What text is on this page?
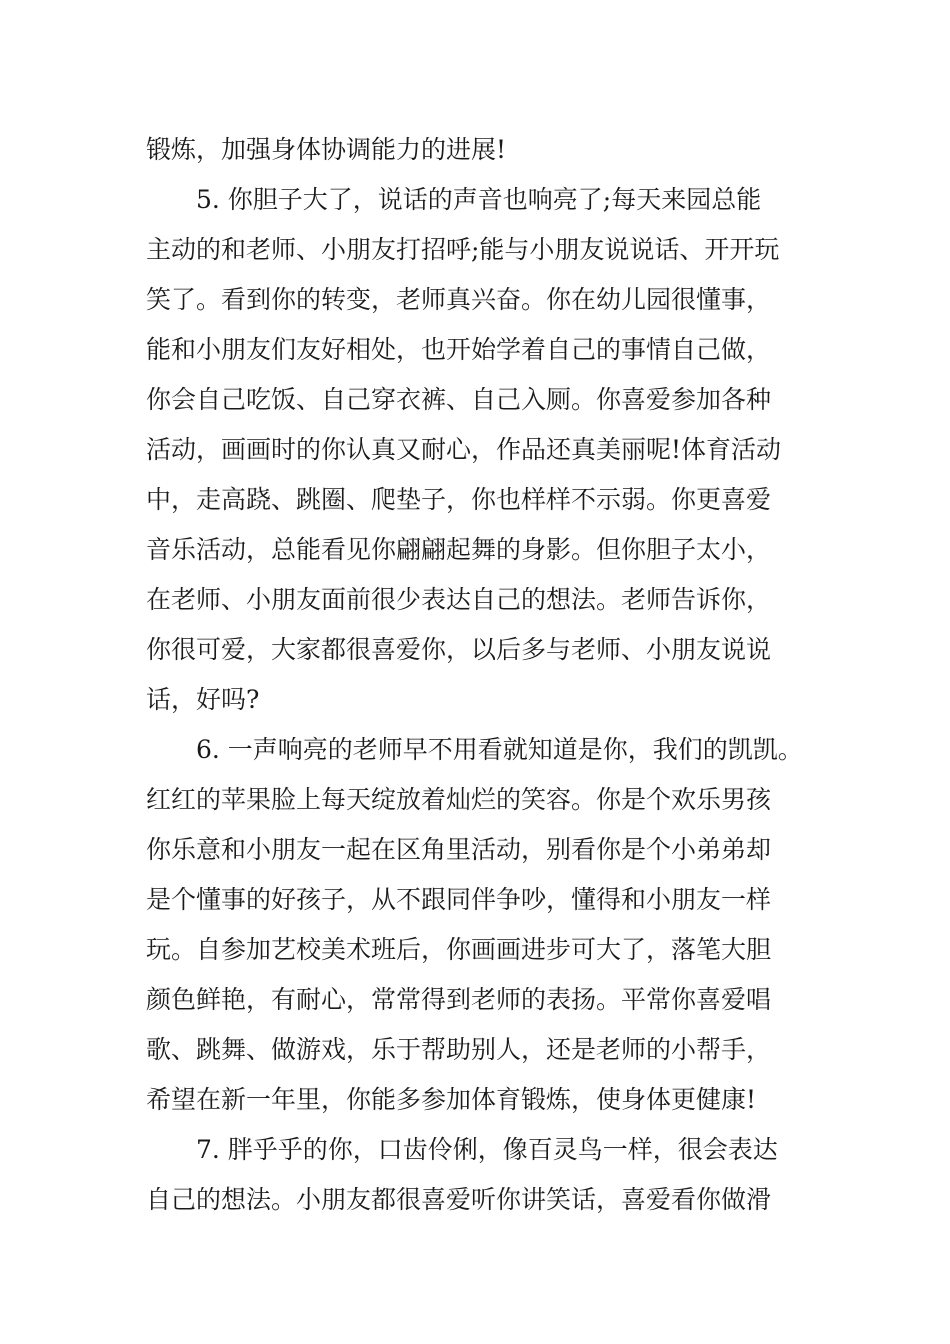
锻炼，加强身体协调能力的进展!
5. 你胆子大了，说话的声音也响亮了;每天来园总能
主动的和老师、小朋友打招呼;能与小朋友说说话、开开玩
笑了。看到你的转变，老师真兴奋。你在幼儿园很懂事，
能和小朋友们友好相处，也开始学着自己的事情自己做，
你会自己吃饭、自己穿衣裤、自己入厕。你喜爱参加各种
活动，画画时的你认真又耐心，作品还真美丽呢!体育活动
中，走高跷、跳圈、爬垫子，你也样样不示弱。你更喜爱
音乐活动，总能看见你翩翩起舞的身影。但你胆子太小，
在老师、小朋友面前很少表达自己的想法。老师告诉你，
你很可爱，大家都很喜爱你，以后多与老师、小朋友说说
话，好吗?
6. 一声响亮的老师早不用看就知道是你，我们的凯凯。
红红的苹果脸上每天绽放着灿烂的笑容。你是个欢乐男孩
你乐意和小朋友一起在区角里活动，别看你是个小弟弟却
是个懂事的好孩子，从不跟同伴争吵，懂得和小朋友一样
玩。自参加艺校美术班后，你画画进步可大了，落笔大胆
颜色鲜艳，有耐心，常常得到老师的表扬。平常你喜爱唱
歌、跳舞、做游戏，乐于帮助别人，还是老师的小帮手，
希望在新一年里，你能多参加体育锻炼，使身体更健康!
7. 胖乎乎的你，口齿伶俐，像百灵鸟一样，很会表达
自己的想法。小朋友都很喜爱听你讲笑话，喜爱看你做滑
